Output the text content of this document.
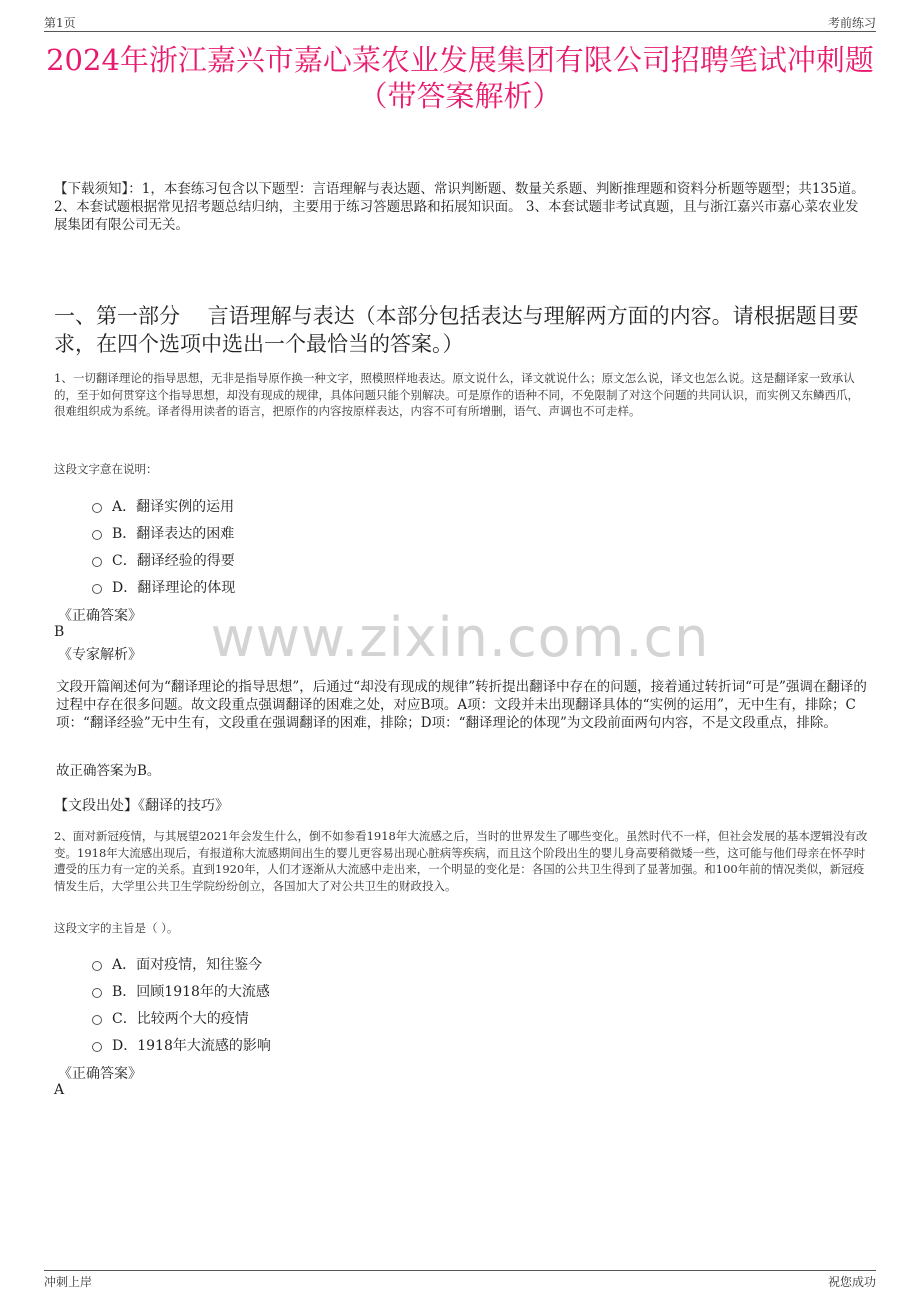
第1页	考前练习
2024年浙江嘉兴市嘉心菜农业发展集团有限公司招聘笔试冲刺题（带答案解析）
【下载须知】：1，本套练习包含以下题型：言语理解与表达题、常识判断题、数量关系题、判断推理题和资料分析题等题型；共135道。 2、本套试题根据常见招考题总结归纳，主要用于练习答题思路和拓展知识面。 3、本套试题非考试真题，且与浙江嘉兴市嘉心菜农业发展集团有限公司无关。
一、第一部分　 言语理解与表达（本部分包括表达与理解两方面的内容。请根据题目要求，在四个选项中选出一个最恰当的答案。）
www.zixin.com.cn
1、一切翻译理论的指导思想，无非是指导原作换一种文字，照模照样地表达。原文说什么，译文就说什么；原文怎么说，译文也怎么说。这是翻译家一致承认的，至于如何贯穿这个指导思想，却没有现成的规律，具体问题只能个别解决。可是原作的语种不同，不免限制了对这个问题的共同认识，而实例又东鳞西爪，很难组织成为系统。译者得用读者的语言，把原作的内容按原样表达，内容不可有所增删，语气、声调也不可走样。
这段文字意在说明：
A．翻译实例的运用
B．翻译表达的困难
C．翻译经验的得要
D．翻译理论的体现
《正确答案》
B
《专家解析》
文段开篇阐述何为“翻译理论的指导思想”，后通过“却没有现成的规律”转折提出翻译中存在的问题，接着通过转折词“可是”强调在翻译的过程中存在很多问题。故文段重点强调翻译的困难之处，对应B项。A项：文段并未出现翻译具体的“实例的运用”，无中生有，排除；C项：“翻译经验”无中生有，文段重在强调翻译的困难，排除；D项：“翻译理论的体现”为文段前面两句内容，不是文段重点，排除。
故正确答案为B。
【文段出处】《翻译的技巧》
2、面对新冠疫情，与其展望2021年会发生什么，倒不如参看1918年大流感之后，当时的世界发生了哪些变化。虽然时代不一样，但社会发展的基本逻辑没有改变。1918年大流感出现后，有报道称大流感期间出生的婴儿更容易出现心脏病等疾病，而且这个阶段出生的婴儿身高要稍微矮一些，这可能与他们母亲在怀孕时遭受的压力有一定的关系。直到1920年，人们才逐渐从大流感中走出来，一个明显的变化是：各国的公共卫生得到了显著加强。和100年前的情况类似，新冠疫情发生后，大学里公共卫生学院纷纷创立，各国加大了对公共卫生的财政投入。
这段文字的主旨是（ ）。
A．面对疫情，知往鉴今
B．回顾1918年的大流感
C．比较两个大的疫情
D．1918年大流感的影响
《正确答案》
A
冲刺上岸	祝您成功
